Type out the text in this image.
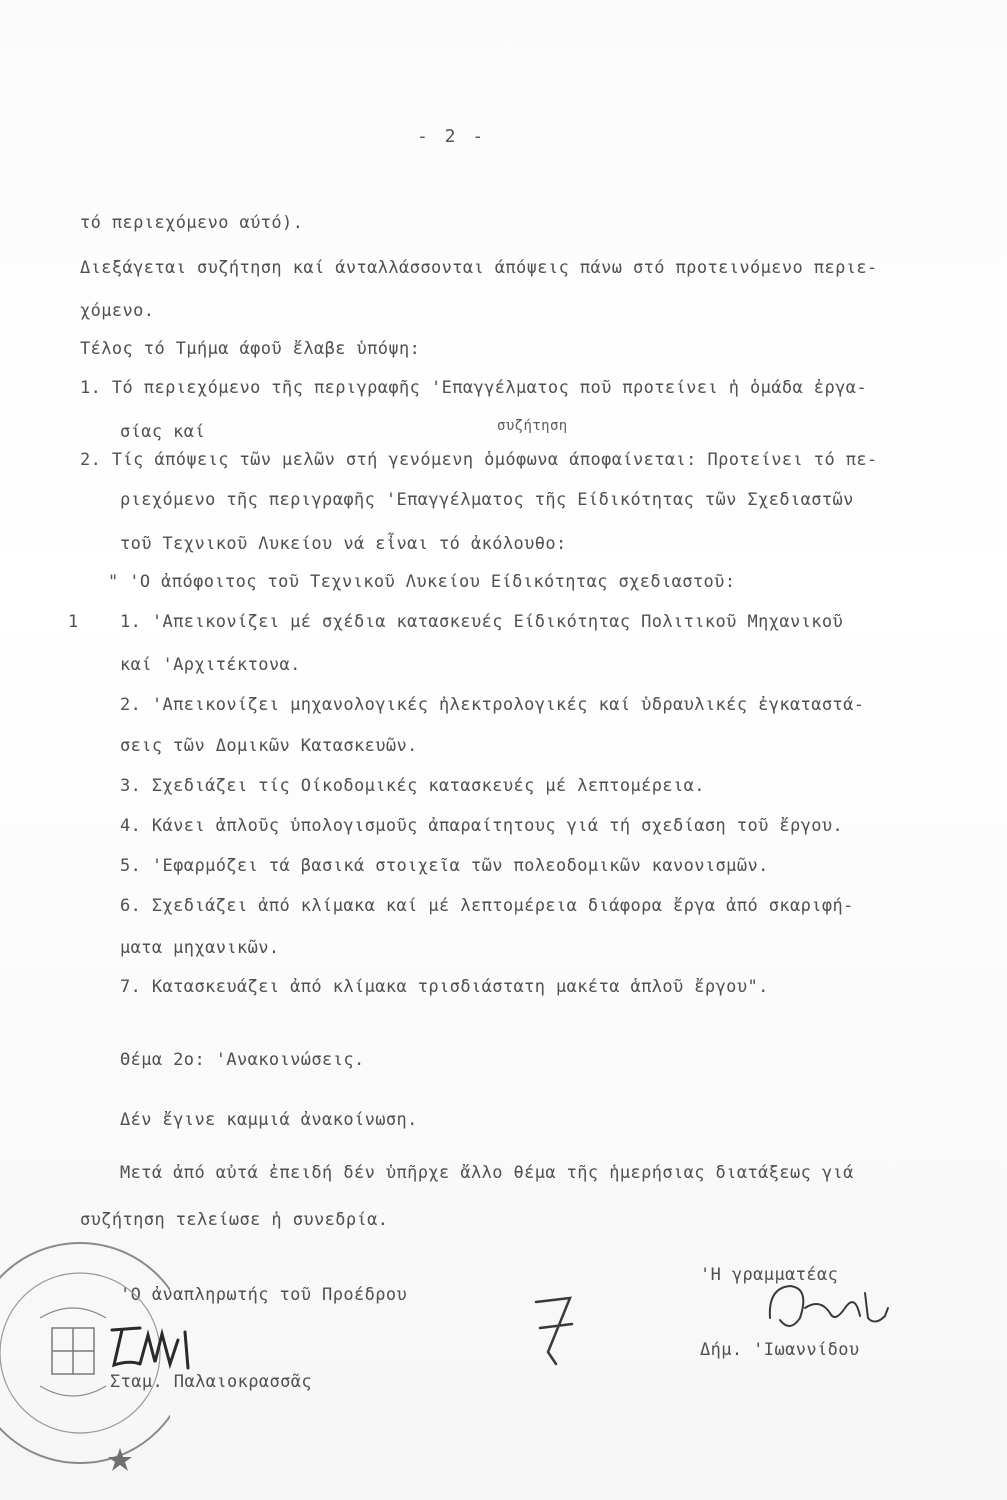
- 2 -
τό περιεχόμενο αύτό).
Διεξάγεται συζήτηση καί άνταλλάσσονται άπόψεις πάνω στό προτεινόμενο περιε-
χόμενο.
Τέλος τό Τμήμα άφοῦ ἔλαβε ὑπόψη:
1. Τό περιεχόμενο τῆς περιγραφῆς 'Επαγγέλματος ποῦ προτείνει ἡ ὁμάδα ἐργα-
σίας καί	συζήτηση
2. Τίς άπόψεις τῶν μελῶν στή γενόμενη ὁμόφωνα άποφαίνεται: Προτείνει τό πε-
ριεχόμενο τῆς περιγραφῆς 'Επαγγέλματος τῆς Είδικότητας τῶν Σχεδιαστῶν
τοῦ Τεχνικοῦ Λυκείου νά εἶναι τό ἀκόλουθο:
" 'Ο ἀπόφοιτος τοῦ Τεχνικοῦ Λυκείου Είδικότητας σχεδιαστοῦ:
1 1. 'Απεικονίζει μέ σχέδια κατασκευές Είδικότητας Πολιτικοῦ Μηχανικοῦ
καί 'Αρχιτέκτονα.
2. 'Απεικονίζει μηχανολογικές ἠλεκτρολογικές καί ὑδραυλικές ἐγκαταστά-
σεις τῶν Δομικῶν Κατασκευῶν.
3. Σχεδιάζει τίς Οίκοδομικές κατασκευές μέ λεπτομέρεια.
4. Κάνει ἁπλοῦς ὑπολογισμοῦς ἀπαραίτητους γιά τή σχεδίαση τοῦ ἔργου.
5. 'Εφαρμόζει τά βασικά στοιχεῖα τῶν πολεοδομικῶν κανονισμῶν.
6. Σχεδιάζει ἀπό κλίμακα καί μέ λεπτομέρεια διάφορα ἔργα ἀπό σκαριφή-
ματα μηχανικῶν.
7. Κατασκευάζει ἀπό κλίμακα τρισδιάστατη μακέτα ἁπλοῦ ἔργου".
Θέμα 2ο: 'Ανακοινώσεις.
Δέν ἔγινε καμμιά ἀνακοίνωση.
Μετά ἀπό αὐτά ἐπειδή δέν ὑπῆρχε ἄλλο θέμα τῆς ἡμερήσιας διατάξεως γιά
συζήτηση τελείωσε ἡ συνεδρία.
'Ο ἀναπληρωτής τοῦ Προέδρου
Σταμ. Παλαιοκρασσᾶς
'Η γραμματέας
Δήμ. 'Ιωαννίδου
